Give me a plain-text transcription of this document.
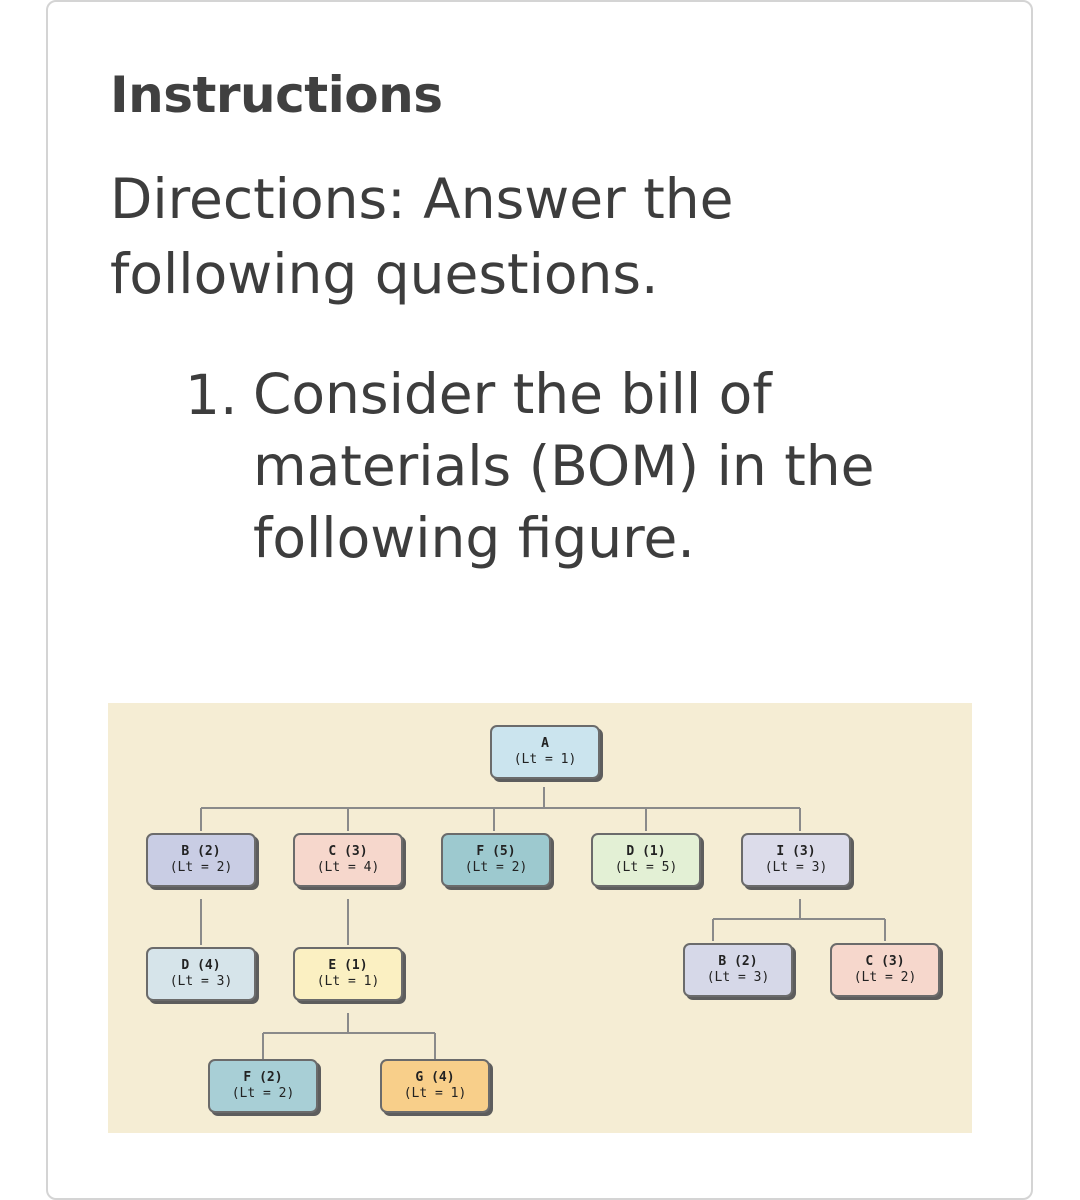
Instructions

Directions: Answer the following questions.

1. Consider the bill of materials (BOM) in the following figure.

A
(Lt = 1)
B (2)
(Lt = 2)
C (3)
(Lt = 4)
F (5)
(Lt = 2)
D (1)
(Lt = 5)
I (3)
(Lt = 3)
D (4)
(Lt = 3)
E (1)
(Lt = 1)
B (2)
(Lt = 3)
C (3)
(Lt = 2)
F (2)
(Lt = 2)
G (4)
(Lt = 1)
